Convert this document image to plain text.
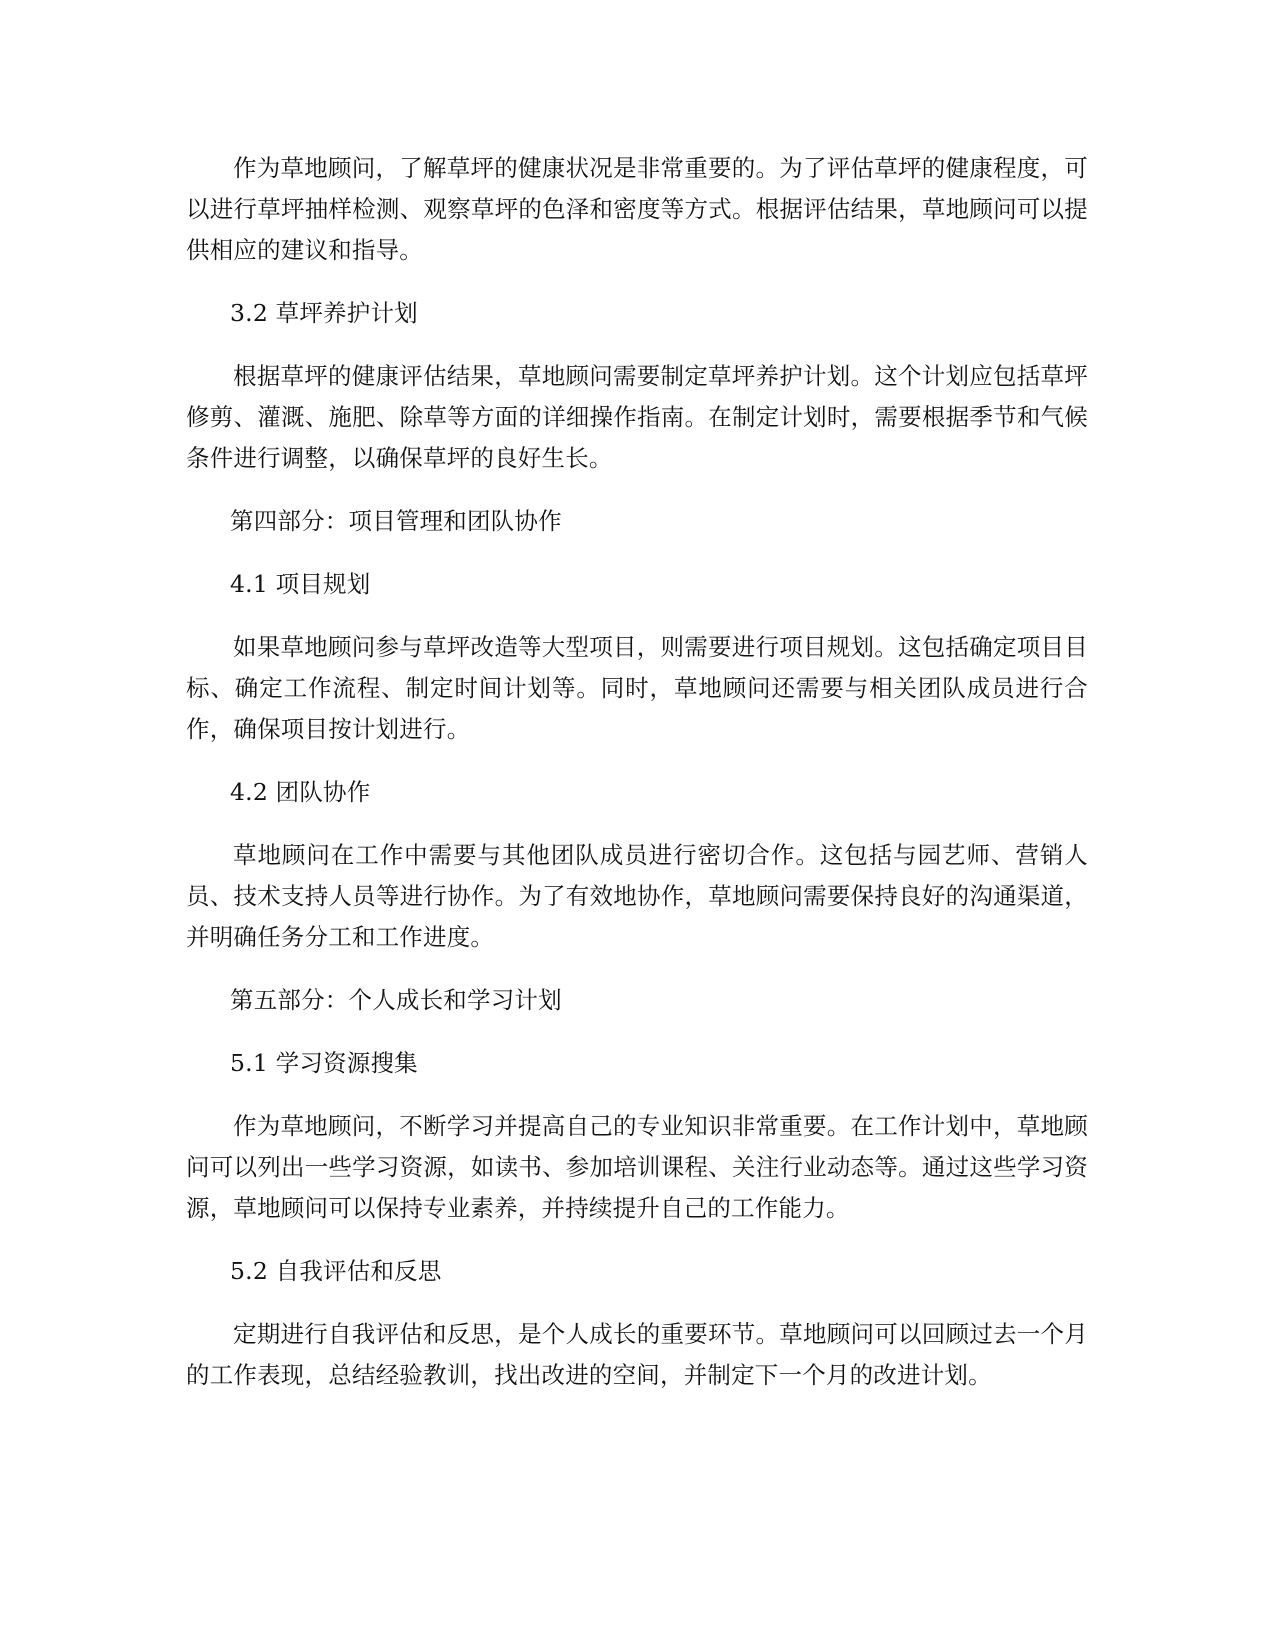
作为草地顾问，了解草坪的健康状况是非常重要的。为了评估草坪的健康程度，可以进行草坪抽样检测、观察草坪的色泽和密度等方式。根据评估结果，草地顾问可以提供相应的建议和指导。

3.2 草坪养护计划

根据草坪的健康评估结果，草地顾问需要制定草坪养护计划。这个计划应包括草坪修剪、灌溉、施肥、除草等方面的详细操作指南。在制定计划时，需要根据季节和气候条件进行调整，以确保草坪的良好生长。

第四部分：项目管理和团队协作

4.1 项目规划

如果草地顾问参与草坪改造等大型项目，则需要进行项目规划。这包括确定项目目标、确定工作流程、制定时间计划等。同时，草地顾问还需要与相关团队成员进行合作，确保项目按计划进行。

4.2 团队协作

草地顾问在工作中需要与其他团队成员进行密切合作。这包括与园艺师、营销人员、技术支持人员等进行协作。为了有效地协作，草地顾问需要保持良好的沟通渠道，并明确任务分工和工作进度。

第五部分：个人成长和学习计划

5.1 学习资源搜集

作为草地顾问，不断学习并提高自己的专业知识非常重要。在工作计划中，草地顾问可以列出一些学习资源，如读书、参加培训课程、关注行业动态等。通过这些学习资源，草地顾问可以保持专业素养，并持续提升自己的工作能力。

5.2 自我评估和反思

定期进行自我评估和反思，是个人成长的重要环节。草地顾问可以回顾过去一个月的工作表现，总结经验教训，找出改进的空间，并制定下一个月的改进计划。
